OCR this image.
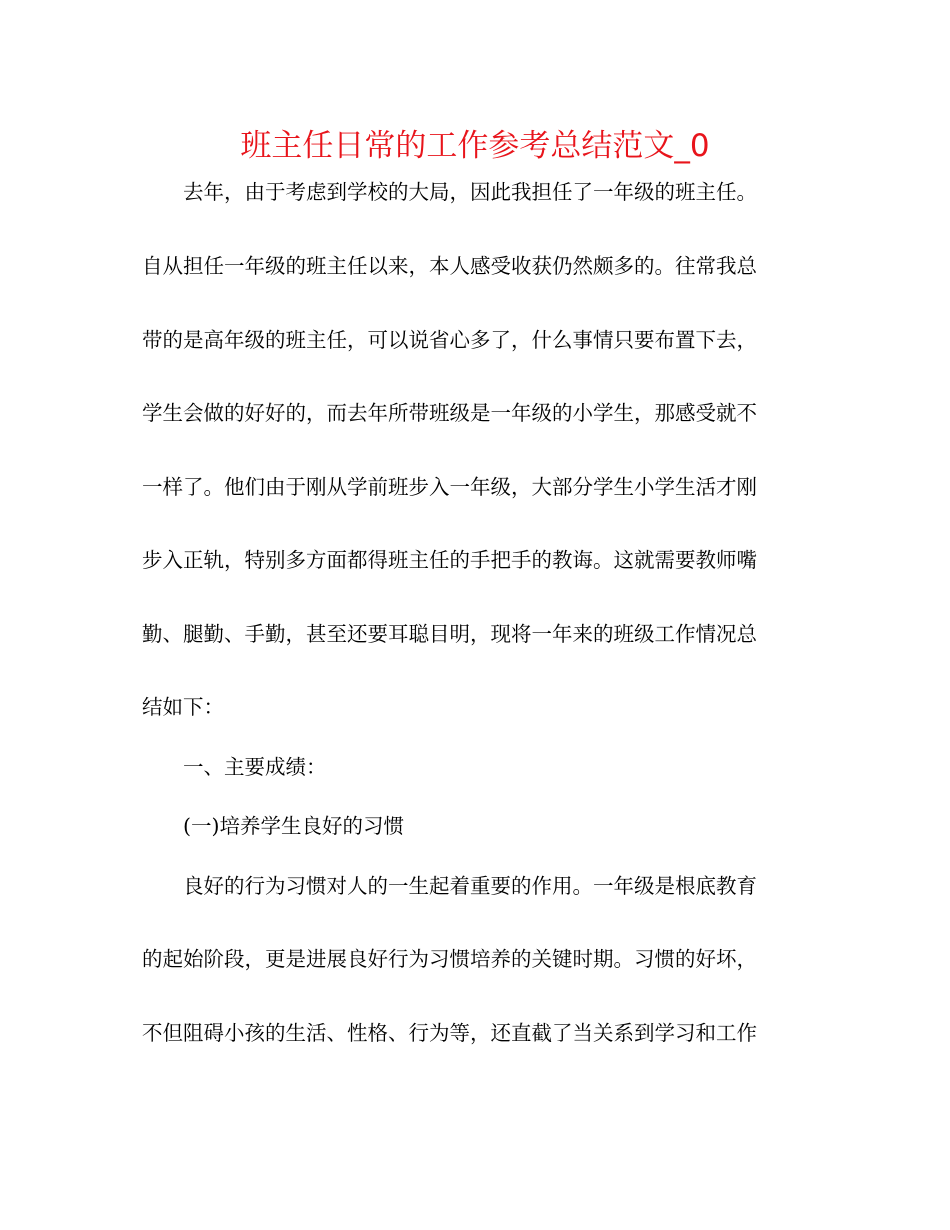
班主任日常的工作参考总结范文_0
去年，由于考虑到学校的大局，因此我担任了一年级的班主任。
自从担任一年级的班主任以来，本人感受收获仍然颇多的。往常我总
带的是高年级的班主任，可以说省心多了，什么事情只要布置下去，
学生会做的好好的，而去年所带班级是一年级的小学生，那感受就不
一样了。他们由于刚从学前班步入一年级，大部分学生小学生活才刚
步入正轨，特别多方面都得班主任的手把手的教诲。这就需要教师嘴
勤、腿勤、手勤，甚至还要耳聪目明，现将一年来的班级工作情况总
结如下：
一、主要成绩：
(一)培养学生良好的习惯
良好的行为习惯对人的一生起着重要的作用。一年级是根底教育
的起始阶段，更是进展良好行为习惯培养的关键时期。习惯的好坏，
不但阻碍小孩的生活、性格、行为等，还直截了当关系到学习和工作
